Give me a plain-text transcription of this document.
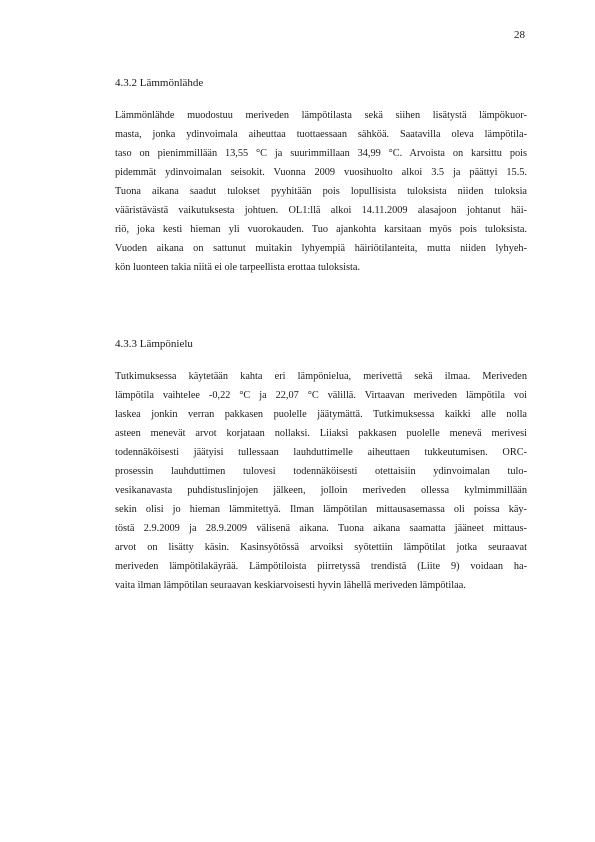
28
4.3.2 Lämmönlähde
Lämmönlähde muodostuu meriveden lämpötilasta sekä siihen lisätystä lämpökuor-
masta, jonka ydinvoimala aiheuttaa tuottaessaan sähköä. Saatavilla oleva lämpötila-
taso on pienimmillään 13,55 °C ja suurimmillaan 34,99 °C. Arvoista on karsittu pois
pidemmät ydinvoimalan seisokit. Vuonna 2009 vuosihuolto alkoi 3.5 ja päättyi 15.5.
Tuona aikana saadut tulokset pyyhitään pois lopullisista tuloksista niiden tuloksia
vääristävästä vaikutuksesta johtuen. OL1:llä alkoi 14.11.2009 alasajoon johtanut häi-
riö, joka kesti hieman yli vuorokauden. Tuo ajankohta karsitaan myös pois tuloksista.
Vuoden aikana on sattunut muitakin lyhyempiä häiriötilanteita, mutta niiden lyhyeh-
kön luonteen takia niitä ei ole tarpeellista erottaa tuloksista.
4.3.3 Lämpönielu
Tutkimuksessa käytetään kahta eri lämpönielua, merivettä sekä ilmaa. Meriveden
lämpötila vaihtelee -0,22 °C ja 22,07 °C välillä. Virtaavan meriveden lämpötila voi
laskea jonkin verran pakkasen puolelle jäätymättä. Tutkimuksessa kaikki alle nolla
asteen menevät arvot korjataan nollaksi. Liiaksi pakkasen puolelle menevä merivesi
todennäköisesti jäätyisi tullessaan lauhduttimelle aiheuttaen tukkeutumisen. ORC-
prosessin lauhduttimen tulovesi todennäköisesti otettaisiin ydinvoimalan tulo-
vesikanavasta puhdistuslinjojen jälkeen, jolloin meriveden ollessa kylmimmillään
sekin olisi jo hieman lämmitettyä. Ilman lämpötilan mittausasemassa oli poissa käy-
töstä 2.9.2009 ja 28.9.2009 välisenä aikana. Tuona aikana saamatta jääneet mittaus-
arvot on lisätty käsin. Kasinsyötössä arvoiksi syötettiin lämpötilat jotka seuraavat
meriveden lämpötilakäyrää. Lämpötiloista piirretyssä trendistä (Liite 9) voidaan ha-
vaita ilman lämpötilan seuraavan keskiarvoisesti hyvin lähellä meriveden lämpötilaa.
